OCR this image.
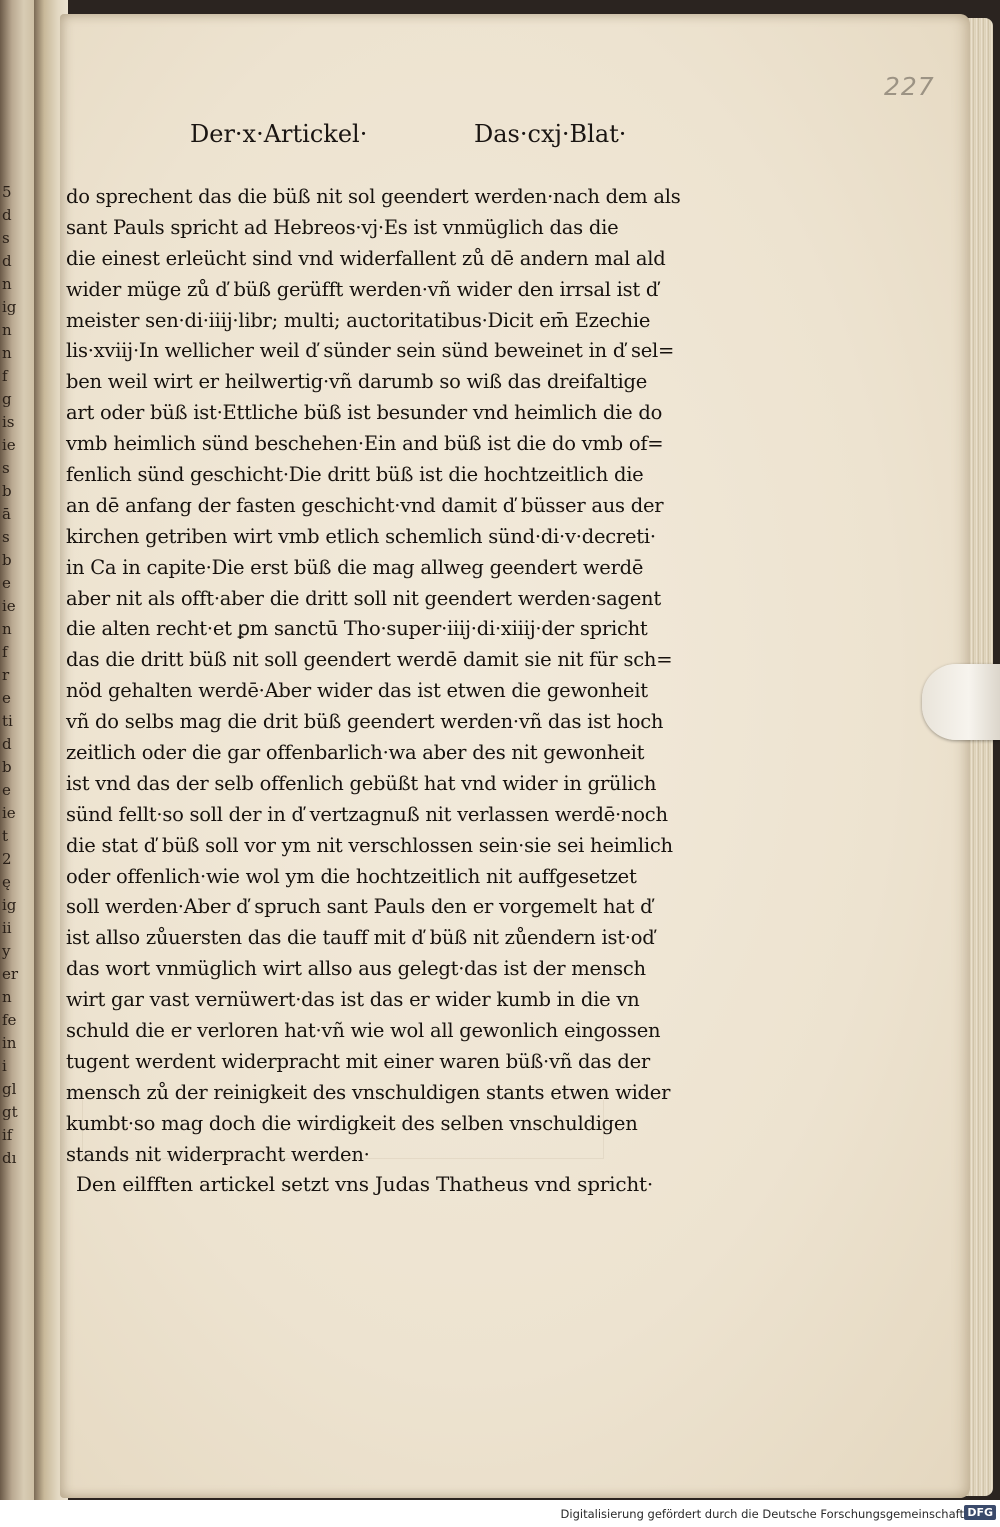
5
d
s
d
n
ig
n
n
f
g
is
ie
s
b
ā
s
b
e
ie
n
f
r
e
ti
d
b
e
ie
t
2
ę
ig
ii
y
er
n
fe
in
i
gl
gt
if
dı
227
Der·x·Artickel·	Das·cxj·Blat·
do sprechent das die büß nit sol geendert werden·nach dem als
sant Pauls spricht ad Hebreos·vj·Es ist vnmüglich das die
die einest erleücht sind vnd widerfallent zů dē andern mal ald
wider müge zů ď büß gerüfft werden·vñ wider den irrsal ist ď
meister sen·di·iiij·libr; multi; auctoritatibus·Dicit em̄ Ezechie
lis·xviij·In wellicher weil ď sünder sein sünd beweinet in ď sel=
ben weil wirt er heilwertig·vñ darumb so wiß das dreifaltige
art oder büß ist·Ettliche büß ist besunder vnd heimlich die do
vmb heimlich sünd beschehen·Ein and büß ist die do vmb of=
fenlich sünd geschicht·Die dritt büß ist die hochtzeitlich die
an dē anfang der fasten geschicht·vnd damit ď büsser aus der
kirchen getriben wirt vmb etlich schemlich sünd·di·v·decreti·
in Ca in capite·Die erst büß die mag allweg geendert werdē
aber nit als offt·aber die dritt soll nit geendert werden·sagent
die alten recht·et ꝑm sanctū Tho·super·iiij·di·xiiij·der spricht
das die dritt büß nit soll geendert werdē damit sie nit für sch=
nöd gehalten werdē·Aber wider das ist etwen die gewonheit
vñ do selbs mag die drit büß geendert werden·vñ das ist hoch
zeitlich oder die gar offenbarlich·wa aber des nit gewonheit
ist vnd das der selb offenlich gebüßt hat vnd wider in grülich
sünd fellt·so soll der in ď vertzagnuß nit verlassen werdē·noch
die stat ď büß soll vor ym nit verschlossen sein·sie sei heimlich
oder offenlich·wie wol ym die hochtzeitlich nit auffgesetzet
soll werden·Aber ď spruch sant Pauls den er vorgemelt hat ď
ist allso zůuersten das die tauff mit ď büß nit zůendern ist·oď
das wort vnmüglich wirt allso aus gelegt·das ist der mensch
wirt gar vast vernüwert·das ist das er wider kumb in die vn
schuld die er verloren hat·vñ wie wol all gewonlich eingossen
tugent werdent widerpracht mit einer waren büß·vñ das der
mensch zů der reinigkeit des vnschuldigen stants etwen wider
kumbt·so mag doch die wirdigkeit des selben vnschuldigen
stands nit widerpracht werden·
Den eilfften artickel setzt vns Judas Thatheus vnd spricht·
Digitalisierung gefördert durch die Deutsche Forschungsgemeinschaft DFG
